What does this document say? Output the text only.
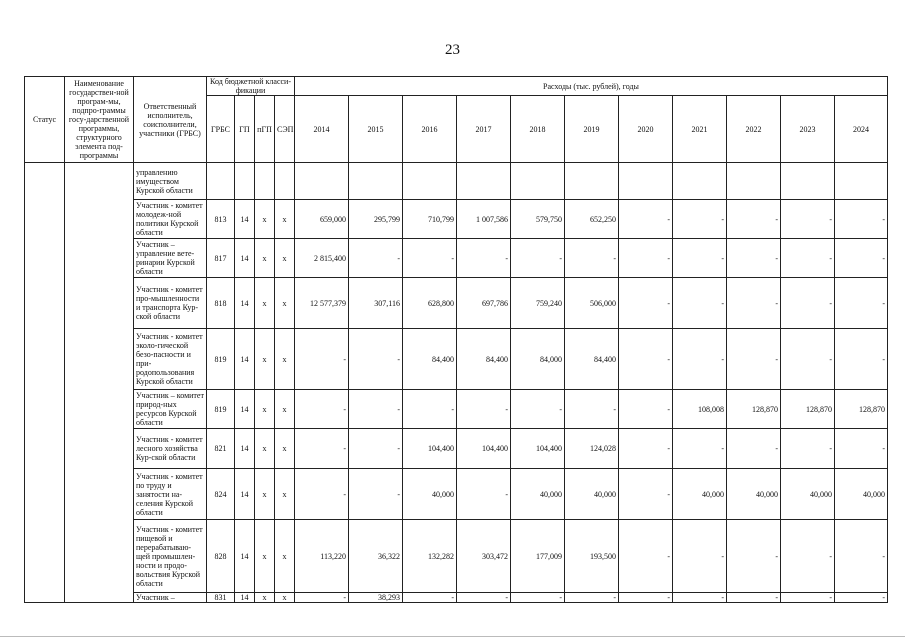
23
Статус	Наименование государствен-ной програм-мы, подпро-граммы госу-дарственной программы, структурного элемента под-программы	Ответственный исполнитель, соисполнители, участники (ГРБС)	Код бюджетной класси-фикации				Расходы (тыс. рублей), годы										
			ГРБС	ГП	пГП	СЭП	2014	2015	2016	2017	2018	2019	2020	2021	2022	2023	2024
		управлению имуществом Курской области															
		Участник - комитет молодеж-ной политики Курской области	813	14	х	х	659,000	295,799	710,799	1 007,586	579,750	652,250	-	-	-	-	-
		Участник – управление вете-ринарии Курской области	817	14	х	х	2 815,400	-	-	-	-	-	-	-	-	-	-
		Участник - комитет про-мышленности и транспорта Кур-ской области	818	14	х	х	12 577,379	307,116	628,800	697,786	759,240	506,000	-	-	-	-	-
		Участник - комитет эколо-гической безо-пасности и при-родопользования Курской области	819	14	х	х	-	-	84,400	84,400	84,000	84,400	-	-	-	-	-
		Участник – комитет природ-ных ресурсов Курской области	819	14	х	х	-	-	-	-	-	-	-	108,008	128,870	128,870	128,870
		Участник - комитет лесного хозяйства Кур-ской области	821	14	х	х	-	-	104,400	104,400	104,400	124,028	-	-	-	-	-
		Участник - комитет по труду и занятости на-селения Курской области	824	14	х	х	-	-	40,000	-	40,000	40,000	-	40,000	40,000	40,000	40,000
		Участник - комитет пищевой и перерабатываю-щей промышлен-ности и продо-вольствия Курской области	828	14	х	х	113,220	36,322	132,282	303,472	177,009	193,500	-	-	-	-	-
		Участник –	831	14	х	х	-	38,293	-	-	-	-	-	-	-	-	-
